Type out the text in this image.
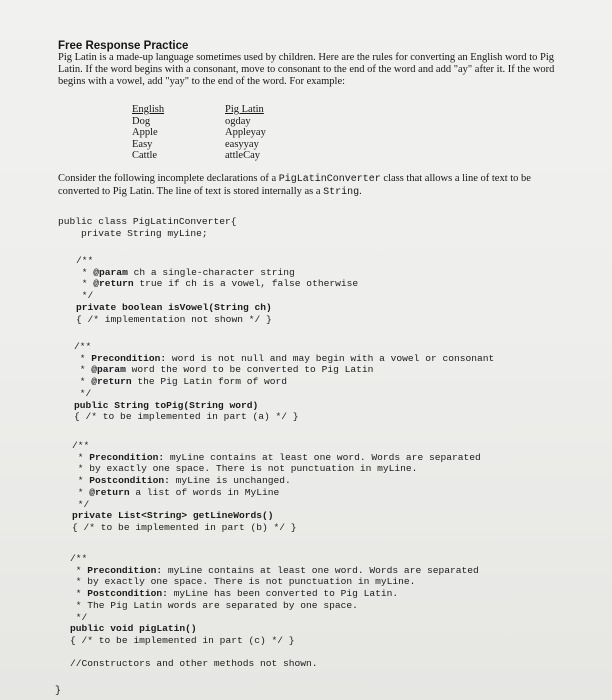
Free Response Practice
Pig Latin is a made-up language sometimes used by children. Here are the rules for converting an English word to Pig Latin. If the word begins with a consonant, move to consonant to the end of the word and add "ay" after it. If the word begins with a vowel, add "yay" to the end of the word. For example:
English	Pig Latin
Dog	ogday
Apple	Appleyay
Easy	easyyay
Cattle	attleCay
Consider the following incomplete declarations of a PigLatinConverter class that allows a line of text to be converted to Pig Latin. The line of text is stored internally as a String.
public class PigLatinConverter{
private String myLine;
/**
* @param ch a single-character string
* @return true if ch is a vowel, false otherwise
*/
private boolean isVowel(String ch)
{ /* implementation not shown */ }
/**
* Precondition: word is not null and may begin with a vowel or consonant
* @param word the word to be converted to Pig Latin
* @return the Pig Latin form of word
*/
public String toPig(String word)
{ /* to be implemented in part (a) */ }
/**
* Precondition: myLine contains at least one word. Words are separated
* by exactly one space. There is not punctuation in myLine.
* Postcondition: myLine is unchanged.
* @return a list of words in MyLine
*/
private List<String> getLineWords()
{ /* to be implemented in part (b) */ }
/**
* Precondition: myLine contains at least one word. Words are separated
* by exactly one space. There is not punctuation in myLine.
* Postcondition: myLine has been converted to Pig Latin.
* The Pig Latin words are separated by one space.
*/
public void pigLatin()
{ /* to be implemented in part (c) */ }

//Constructors and other methods not shown.
}
